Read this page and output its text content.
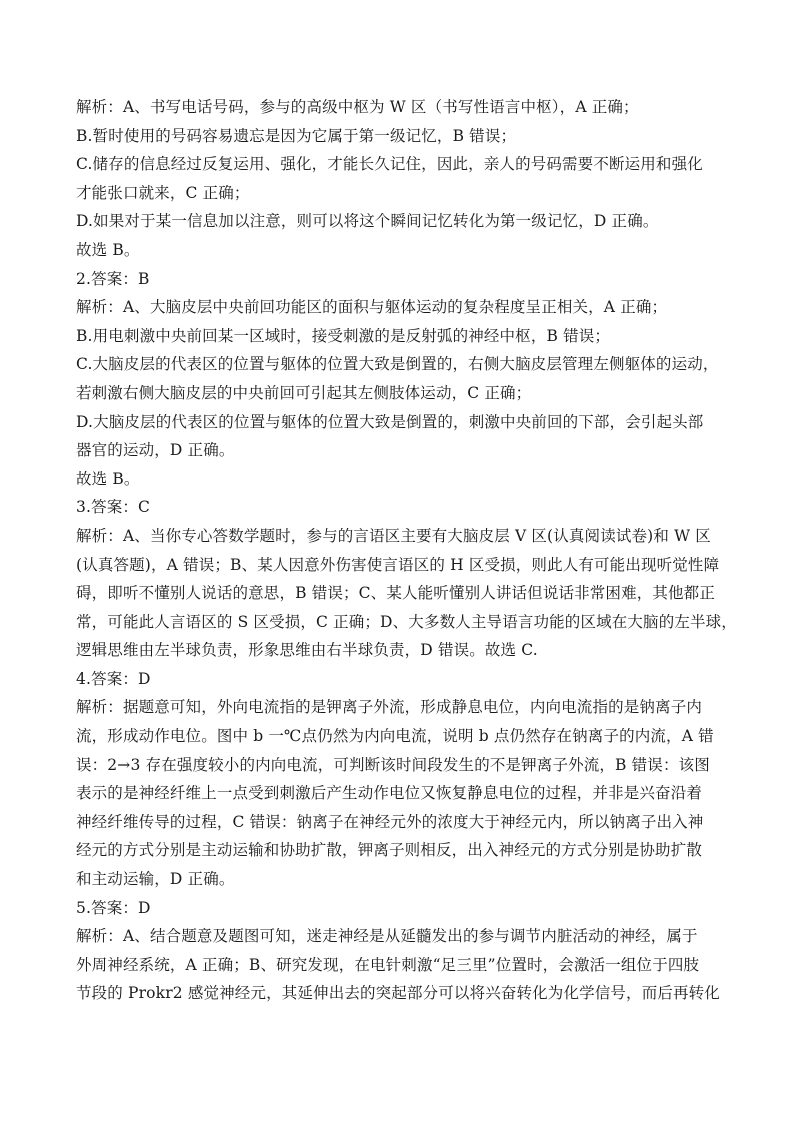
解析：A、书写电话号码，参与的高级中枢为 W 区（书写性语言中枢），A 正确；
B.暂时使用的号码容易遗忘是因为它属于第一级记忆，B 错误；
C.储存的信息经过反复运用、强化，才能长久记住，因此，亲人的号码需要不断运用和强化
才能张口就来，C 正确；
D.如果对于某一信息加以注意，则可以将这个瞬间记忆转化为第一级记忆，D 正确。
故选 B。
2.答案：B
解析：A、大脑皮层中央前回功能区的面积与躯体运动的复杂程度呈正相关，A 正确；
B.用电刺激中央前回某一区域时，接受刺激的是反射弧的神经中枢，B 错误；
C.大脑皮层的代表区的位置与躯体的位置大致是倒置的，右侧大脑皮层管理左侧躯体的运动，
若刺激右侧大脑皮层的中央前回可引起其左侧肢体运动，C 正确；
D.大脑皮层的代表区的位置与躯体的位置大致是倒置的，刺激中央前回的下部，会引起头部
器官的运动，D 正确。
故选 B。
3.答案：C
解析：A、当你专心答数学题时，参与的言语区主要有大脑皮层 V 区(认真阅读试卷)和 W 区
(认真答题)，A 错误；B、某人因意外伤害使言语区的 H 区受损，则此人有可能出现听觉性障
碍，即听不懂别人说话的意思，B 错误；C、某人能听懂别人讲话但说话非常困难，其他都正
常，可能此人言语区的 S 区受损，C 正确；D、大多数人主导语言功能的区域在大脑的左半球，
逻辑思维由左半球负责，形象思维由右半球负责，D 错误。故选 C.
4.答案：D
解析：据题意可知，外向电流指的是钾离子外流，形成静息电位，内向电流指的是钠离子内
流，形成动作电位。图中 b 一℃点仍然为内向电流，说明 b 点仍然存在钠离子的内流，A 错
误：2→3 存在强度较小的内向电流，可判断该时间段发生的不是钾离子外流，B 错误：该图
表示的是神经纤维上一点受到刺激后产生动作电位又恢复静息电位的过程，并非是兴奋沿着
神经纤维传导的过程，C 错误：钠离子在神经元外的浓度大于神经元内，所以钠离子出入神
经元的方式分别是主动运输和协助扩散，钾离子则相反，出入神经元的方式分别是协助扩散
和主动运输，D 正确。
5.答案：D
解析：A、结合题意及题图可知，迷走神经是从延髓发出的参与调节内脏活动的神经，属于
外周神经系统，A 正确；B、研究发现，在电针刺激“足三里”位置时，会激活一组位于四肢
节段的 Prokr2 感觉神经元，其延伸出去的突起部分可以将兴奋转化为化学信号，而后再转化
